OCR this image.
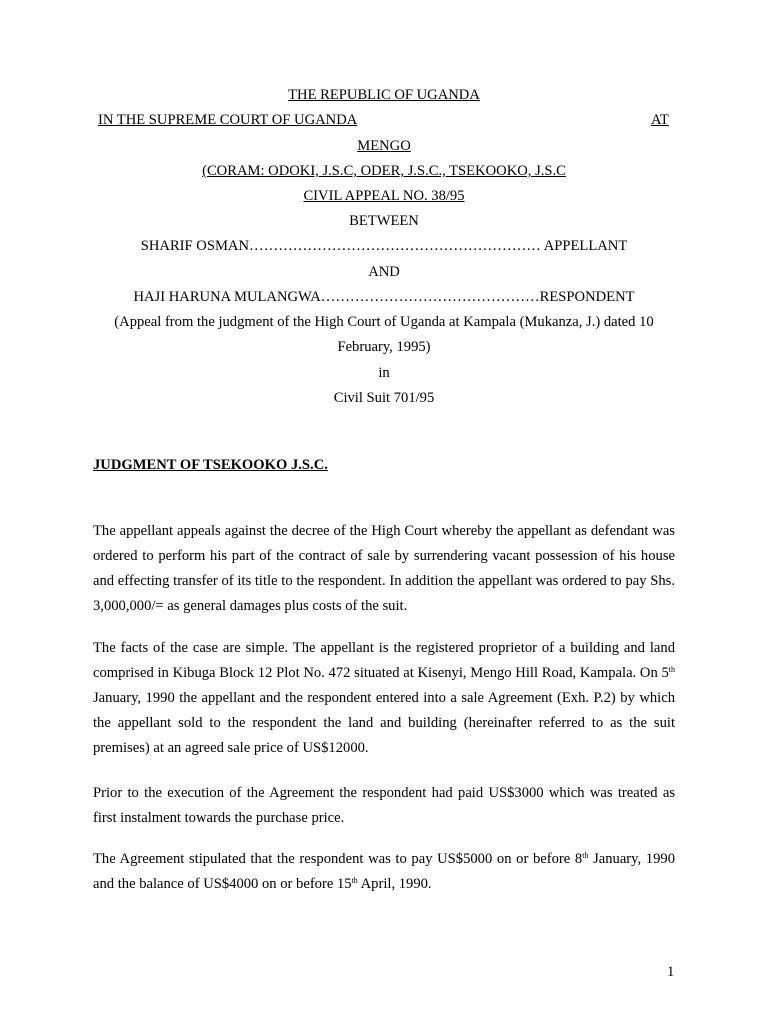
THE REPUBLIC OF UGANDA
IN THE SUPREME COURT OF UGANDA	AT
MENGO
(CORAM: ODOKI, J.S.C, ODER, J.S.C., TSEKOOKO, J.S.C
CIVIL APPEAL NO. 38/95
BETWEEN
SHARIF OSMAN…………………………………………………… APPELLANT
AND
HAJI HARUNA MULANGWA………………………………………RESPONDENT
(Appeal from the judgment of the High Court of Uganda at Kampala (Mukanza, J.) dated 10
February, 1995)
in
Civil Suit 701/95
JUDGMENT OF TSEKOOKO J.S.C.
The appellant appeals against the decree of the High Court whereby the appellant as defendant was ordered to perform his part of the contract of sale by surrendering vacant possession of his house and effecting transfer of its title to the respondent. In addition the appellant was ordered to pay Shs. 3,000,000/= as general damages plus costs of the suit.
The facts of the case are simple. The appellant is the registered proprietor of a building and land comprised in Kibuga Block 12 Plot No. 472 situated at Kisenyi, Mengo Hill Road, Kampala. On 5th January, 1990 the appellant and the respondent entered into a sale Agreement (Exh. P.2) by which the appellant sold to the respondent the land and building (hereinafter referred to as the suit premises) at an agreed sale price of US$12000.
Prior to the execution of the Agreement the respondent had paid US$3000 which was treated as first instalment towards the purchase price.
The Agreement stipulated that the respondent was to pay US$5000 on or before 8th January, 1990 and the balance of US$4000 on or before 15th April, 1990.
1
